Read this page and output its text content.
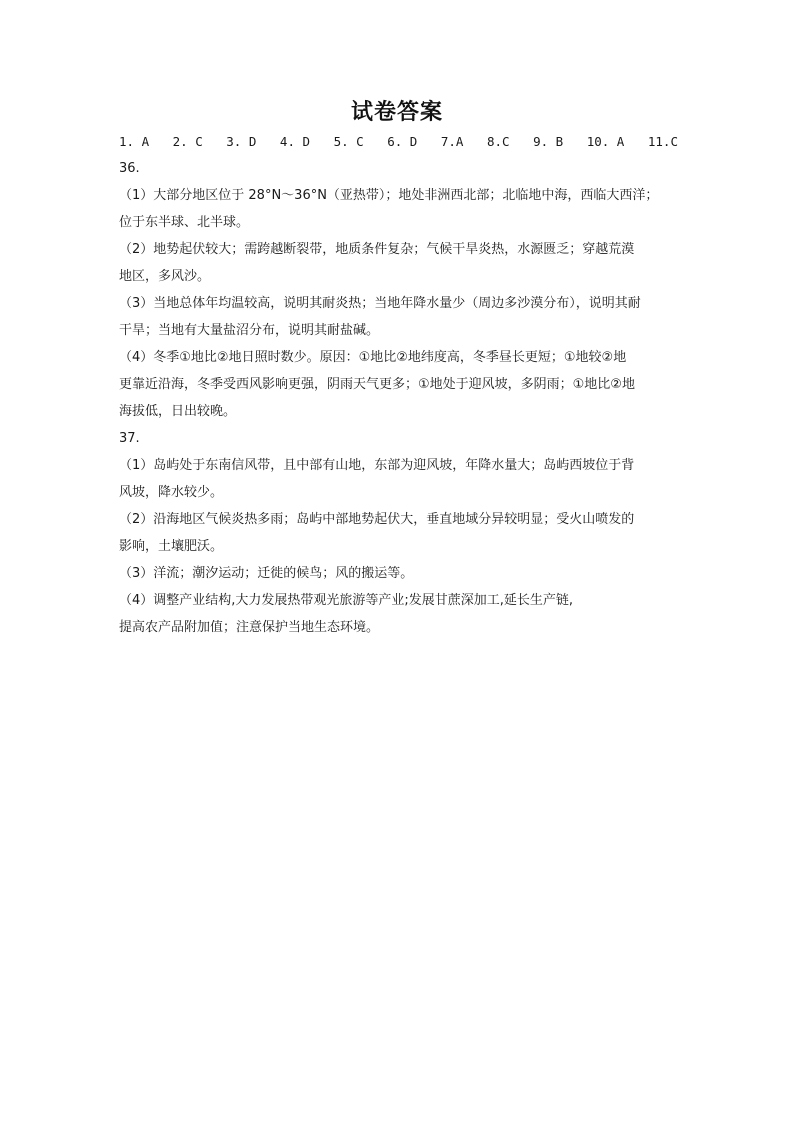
试卷答案
1. A 2. C 3. D 4. D 5. C 6. D 7.A 8.C 9. B 10. A 11.C
36.
（1）大部分地区位于 28°N～36°N（亚热带）；地处非洲西北部；北临地中海，西临大西洋；
位于东半球、北半球。
（2）地势起伏较大；需跨越断裂带，地质条件复杂；气候干旱炎热，水源匮乏；穿越荒漠
地区，多风沙。
（3）当地总体年均温较高，说明其耐炎热；当地年降水量少（周边多沙漠分布），说明其耐
干旱；当地有大量盐沼分布，说明其耐盐碱。
（4）冬季①地比②地日照时数少。原因：①地比②地纬度高，冬季昼长更短；①地较②地
更靠近沿海，冬季受西风影响更强，阴雨天气更多；①地处于迎风坡，多阴雨；①地比②地
海拔低，日出较晚。
37.
（1）岛屿处于东南信风带，且中部有山地，东部为迎风坡，年降水量大；岛屿西坡位于背
风坡，降水较少。
（2）沿海地区气候炎热多雨；岛屿中部地势起伏大，垂直地域分异较明显；受火山喷发的
影响，土壤肥沃。
（3）洋流；潮汐运动；迁徙的候鸟；风的搬运等。
（4）调整产业结构,大力发展热带观光旅游等产业;发展甘蔗深加工,延长生产链,
提高农产品附加值；注意保护当地生态环境。
